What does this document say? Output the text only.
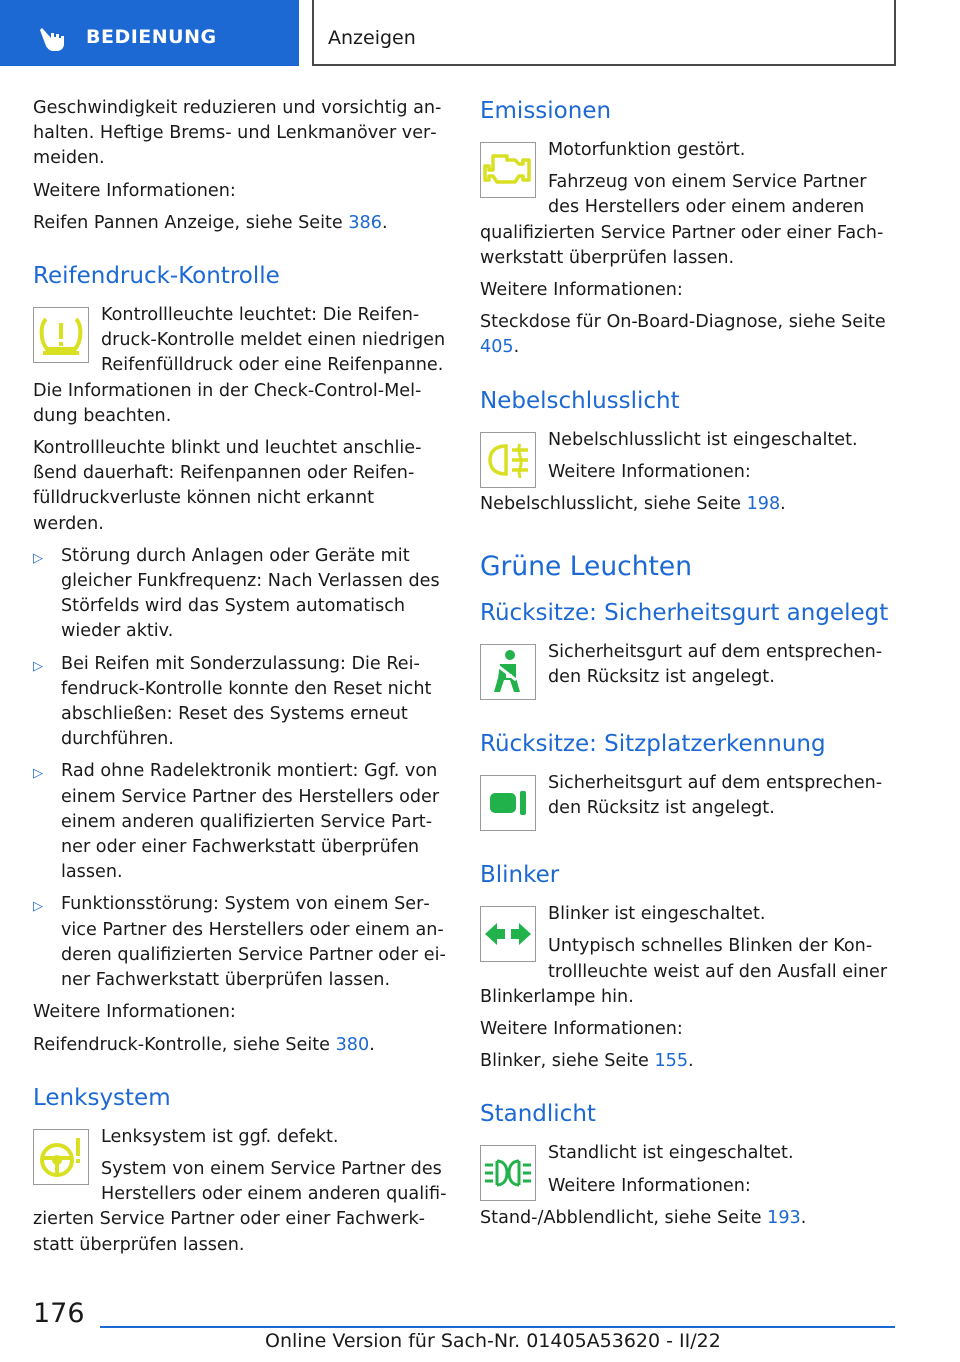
BEDIENUNG	Anzeigen

Geschwindigkeit reduzieren und vorsichtig anhalten. Heftige Brems- und Lenkmanöver vermeiden.

Weitere Informationen:

Reifen Pannen Anzeige, siehe Seite 386.

Reifendruck-Kontrolle

Kontrollleuchte leuchtet: Die Reifendruck-Kontrolle meldet einen niedrigen Reifenfülldruck oder eine Reifenpanne. Die Informationen in der Check-Control-Meldung beachten.

Kontrollleuchte blinkt und leuchtet anschließend dauerhaft: Reifenpannen oder Reifenfülldruckverluste können nicht erkannt werden.

▷ Störung durch Anlagen oder Geräte mit gleicher Funkfrequenz: Nach Verlassen des Störfelds wird das System automatisch wieder aktiv.
▷ Bei Reifen mit Sonderzulassung: Die Reifendruck-Kontrolle konnte den Reset nicht abschließen: Reset des Systems erneut durchführen.
▷ Rad ohne Radelektronik montiert: Ggf. von einem Service Partner des Herstellers oder einem anderen qualifizierten Service Partner oder einer Fachwerkstatt überprüfen lassen.
▷ Funktionsstörung: System von einem Service Partner des Herstellers oder einem anderen qualifizierten Service Partner oder einer Fachwerkstatt überprüfen lassen.

Weitere Informationen:

Reifendruck-Kontrolle, siehe Seite 380.

Lenksystem

Lenksystem ist ggf. defekt.

System von einem Service Partner des Herstellers oder einem anderen qualifizierten Service Partner oder einer Fachwerkstatt überprüfen lassen.

Emissionen

Motorfunktion gestört.

Fahrzeug von einem Service Partner des Herstellers oder einem anderen qualifizierten Service Partner oder einer Fachwerkstatt überprüfen lassen.

Weitere Informationen:

Steckdose für On-Board-Diagnose, siehe Seite 405.

Nebelschlusslicht

Nebelschlusslicht ist eingeschaltet.

Weitere Informationen:

Nebelschlusslicht, siehe Seite 198.

Grüne Leuchten
Rücksitze: Sicherheitsgurt angelegt

Sicherheitsgurt auf dem entsprechenden Rücksitz ist angelegt.

Rücksitze: Sitzplatzerkennung

Sicherheitsgurt auf dem entsprechenden Rücksitz ist angelegt.

Blinker

Blinker ist eingeschaltet.

Untypisch schnelles Blinken der Kontrollleuchte weist auf den Ausfall einer Blinkerlampe hin.

Weitere Informationen:

Blinker, siehe Seite 155.

Standlicht

Standlicht ist eingeschaltet.

Weitere Informationen:

Stand-/Abblendlicht, siehe Seite 193.

176
Online Version für Sach-Nr. 01405A53620 - II/22
